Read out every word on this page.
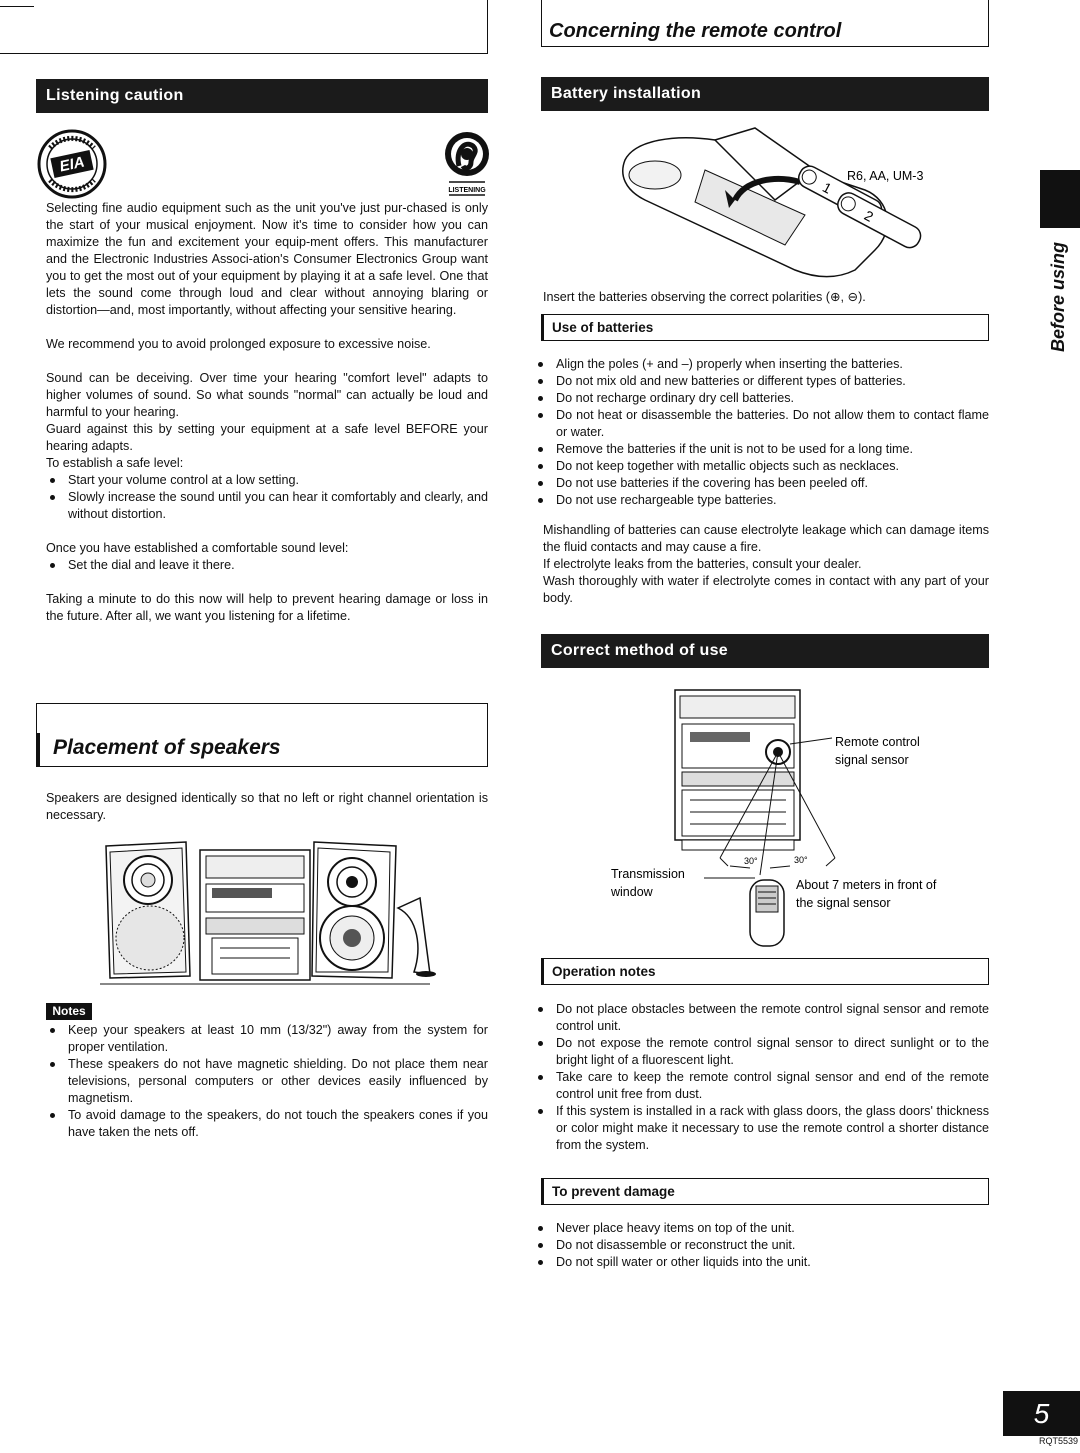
Concerning the remote control
Listening caution
EIA
LISTENING

Selecting fine audio equipment such as the unit you've just pur-chased is only the start of your musical enjoyment. Now it's time to consider how you can maximize the fun and excitement your equip-ment offers. This manufacturer and the Electronic Industries Associ-ation's Consumer Electronics Group want you to get the most out of your equipment by playing it at a safe level. One that lets the sound come through loud and clear without annoying blaring or distortion—and, most importantly, without affecting your sensitive hearing.

We recommend you to avoid prolonged exposure to excessive noise.

Sound can be deceiving. Over time your hearing "comfort level" adapts to higher volumes of sound. So what sounds "normal" can actually be loud and harmful to your hearing.

Guard against this by setting your equipment at a safe level BEFORE your hearing adapts.

To establish a safe level:

Start your volume control at a low setting.
Slowly increase the sound until you can hear it comfortably and clearly, and without distortion.

Once you have established a comfortable sound level:

Set the dial and leave it there.

Taking a minute to do this now will help to prevent hearing damage or loss in the future. After all, we want you listening for a lifetime.

Placement of speakers

Speakers are designed identically so that no left or right channel orientation is necessary.

Notes
Keep your speakers at least 10 mm (13/32") away from the system for proper ventilation.
These speakers do not have magnetic shielding. Do not place them near televisions, personal computers or other devices easily influenced by magnetism.
To avoid damage to the speakers, do not touch the speakers cones if you have taken the nets off.
Battery installation
1
2
R6, AA, UM-3

Insert the batteries observing the correct polarities (⊕, ⊖).

Use of batteries
Align the poles (+ and –) properly when inserting the batteries.
Do not mix old and new batteries or different types of batteries.
Do not recharge ordinary dry cell batteries.
Do not heat or disassemble the batteries. Do not allow them to contact flame or water.
Remove the batteries if the unit is not to be used for a long time.
Do not keep together with metallic objects such as necklaces.
Do not use batteries if the covering has been peeled off.
Do not use rechargeable type batteries.

Mishandling of batteries can cause electrolyte leakage which can damage items the fluid contacts and may cause a fire.

If electrolyte leaks from the batteries, consult your dealer.

Wash thoroughly with water if electrolyte comes in contact with any part of your body.

Correct method of use
30°	30°
Remote control
signal sensor
Transmission
window	About 7 meters in front of
the signal sensor
Operation notes
Do not place obstacles between the remote control signal sensor and remote control unit.
Do not expose the remote control signal sensor to direct sunlight or to the bright light of a fluorescent light.
Take care to keep the remote control signal sensor and end of the remote control unit free from dust.
If this system is installed in a rack with glass doors, the glass doors' thickness or color might make it necessary to use the remote control a shorter distance from the system.
To prevent damage
Never place heavy items on top of the unit.
Do not disassemble or reconstruct the unit.
Do not spill water or other liquids into the unit.
Before using
5
RQT5539
